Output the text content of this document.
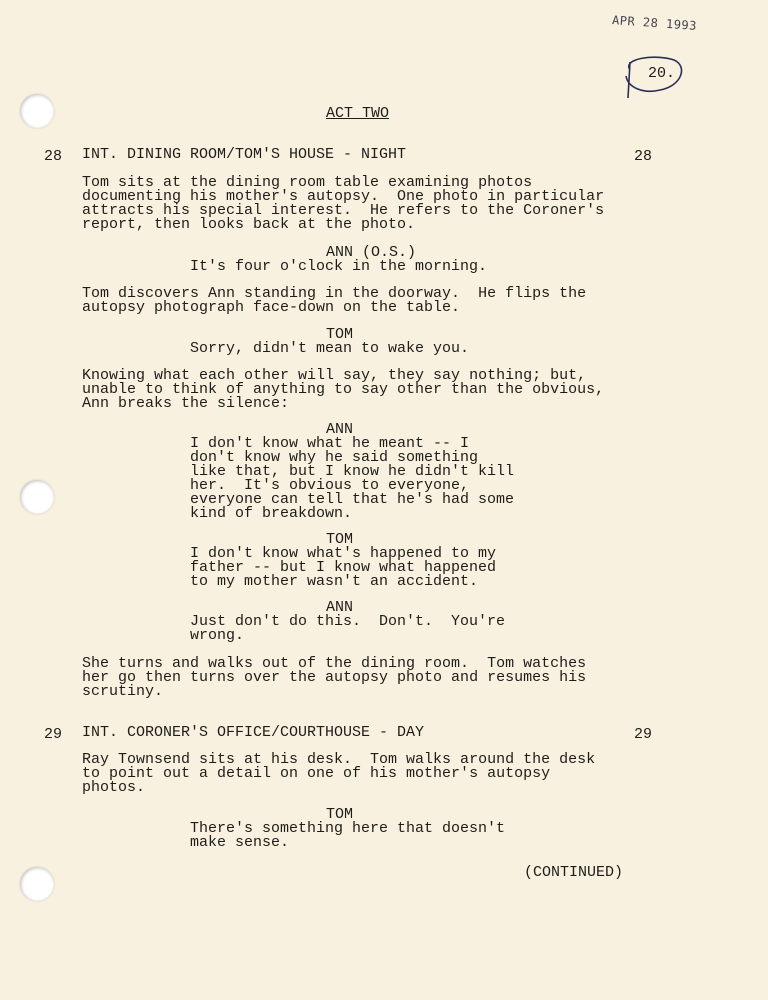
APR 28 1993
20.
ACT TWO
28 INT. DINING ROOM/TOM'S HOUSE - NIGHT	28
Tom sits at the dining room table examining photos
documenting his mother's autopsy.  One photo in particular
attracts his special interest.  He refers to the Coroner's
report, then looks back at the photo.
ANN (O.S.)
It's four o'clock in the morning.
Tom discovers Ann standing in the doorway.  He flips the
autopsy photograph face-down on the table.
TOM
Sorry, didn't mean to wake you.
Knowing what each other will say, they say nothing; but,
unable to think of anything to say other than the obvious,
Ann breaks the silence:
ANN
I don't know what he meant -- I
don't know why he said something
like that, but I know he didn't kill
her.  It's obvious to everyone,
everyone can tell that he's had some
kind of breakdown.
TOM
I don't know what's happened to my
father -- but I know what happened
to my mother wasn't an accident.
ANN
Just don't do this.  Don't.  You're
wrong.
She turns and walks out of the dining room.  Tom watches
her go then turns over the autopsy photo and resumes his
scrutiny.
29 INT. CORONER'S OFFICE/COURTHOUSE - DAY	29
Ray Townsend sits at his desk.  Tom walks around the desk
to point out a detail on one of his mother's autopsy
photos.
TOM
There's something here that doesn't
make sense.
(CONTINUED)
